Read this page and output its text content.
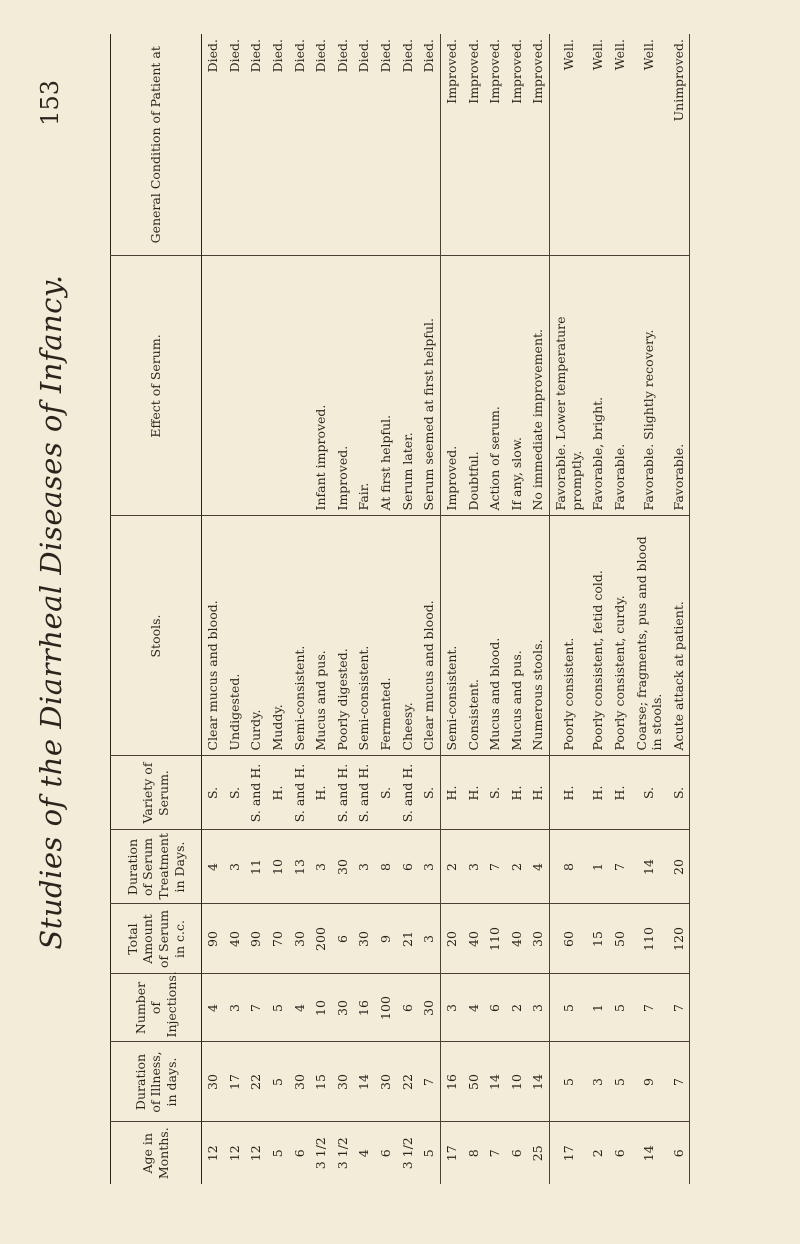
Studies of the Diarrheal Diseases of Infancy.
153
Age in Months.	Duration of Illness, in days.	Number of Injections.	Total Amount of Serum in c.c.	Duration of Serum Treatment in Days.	Variety of Serum.	Stools.	Effect of Serum.	General Condition of Patient at
12	30	4	90	4	S.	Clear mucus and blood.		Died.
12	17	3	40	3	S.	Undigested.		Died.
12	22	7	90	11	S. and H.	Curdy.		Died.
5	5	5	70	10	H.	Muddy.		Died.
6	30	4	30	13	S. and H.	Semi-consistent.		Died.
3 1/2	15	10	200	3	H.	Mucus and pus.	Infant improved.	Died.
3 1/2	30	30	6	30	S. and H.	Poorly digested.	Improved.	Died.
4	14	16	30	3	S. and H.	Semi-consistent.	Fair.	Died.
6	30	100	9	8	S.	Fermented.	At first helpful.	Died.
3 1/2	22	6	21	6	S. and H.	Cheesy.	Serum later.	Died.
5	7	30	3	3	S.	Clear mucus and blood.	Serum seemed at first helpful.	Died.
17	16	3	20	2	H.	Semi-consistent.	Improved.	Improved.
8	50	4	40	3	H.	Consistent.	Doubtful.	Improved.
7	14	6	110	7	S.	Mucus and blood.	Action of serum.	Improved.
6	10	2	40	2	H.	Mucus and pus.	If any, slow.	Improved.
25	14	3	30	4	H.	Numerous stools.	No immediate improvement.	Improved.
17	5	5	60	8	H.	Poorly consistent.	Favorable. Lower temperature promptly.	Well.
2	3	1	15	1	H.	Poorly consistent, fetid cold.	Favorable, bright.	Well.
6	5	5	50	7	H.	Poorly consistent, curdy.	Favorable.	Well.
14	9	7	110	14	S.	Coarse; fragments, pus and blood in stools.	Favorable. Slightly recovery.	Well.
6	7	7	120	20	S.	Acute attack at patient.	Favorable.	Unimproved.
